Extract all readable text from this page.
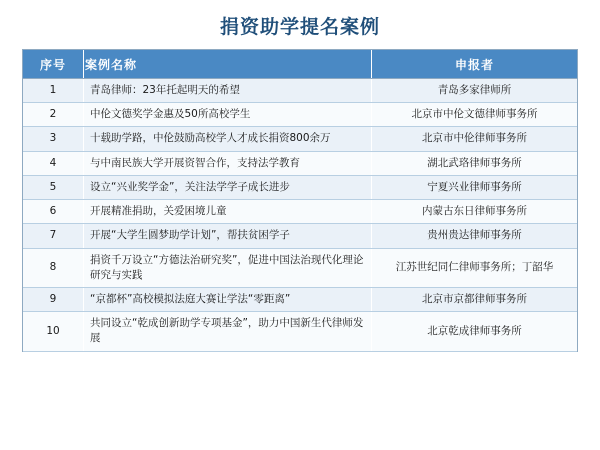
捐资助学提名案例
序号	案例名称	申报者
1	青岛律师：23年托起明天的希望	青岛多家律师所
2	中伦文德奖学金惠及50所高校学生	北京市中伦文德律师事务所
3	十载助学路，中伦鼓励高校学人才成长捐资800余万	北京市中伦律师事务所
4	与中南民族大学开展资智合作，支持法学教育	湖北武珞律师事务所
5	设立“兴业奖学金”，关注法学学子成长进步	宁夏兴业律师事务所
6	开展精准捐助，关爱困境儿童	内蒙古东日律师事务所
7	开展“大学生圆梦助学计划”，帮扶贫困学子	贵州贵达律师事务所
8	捐资千万设立“方德法治研究奖”，促进中国法治现代化理论研究与实践	江苏世纪同仁律师事务所；丁韶华
9	“京都杯”高校模拟法庭大赛让学法“零距离”	北京市京都律师事务所
10	共同设立“乾成创新助学专项基金”，助力中国新生代律师发展	北京乾成律师事务所
